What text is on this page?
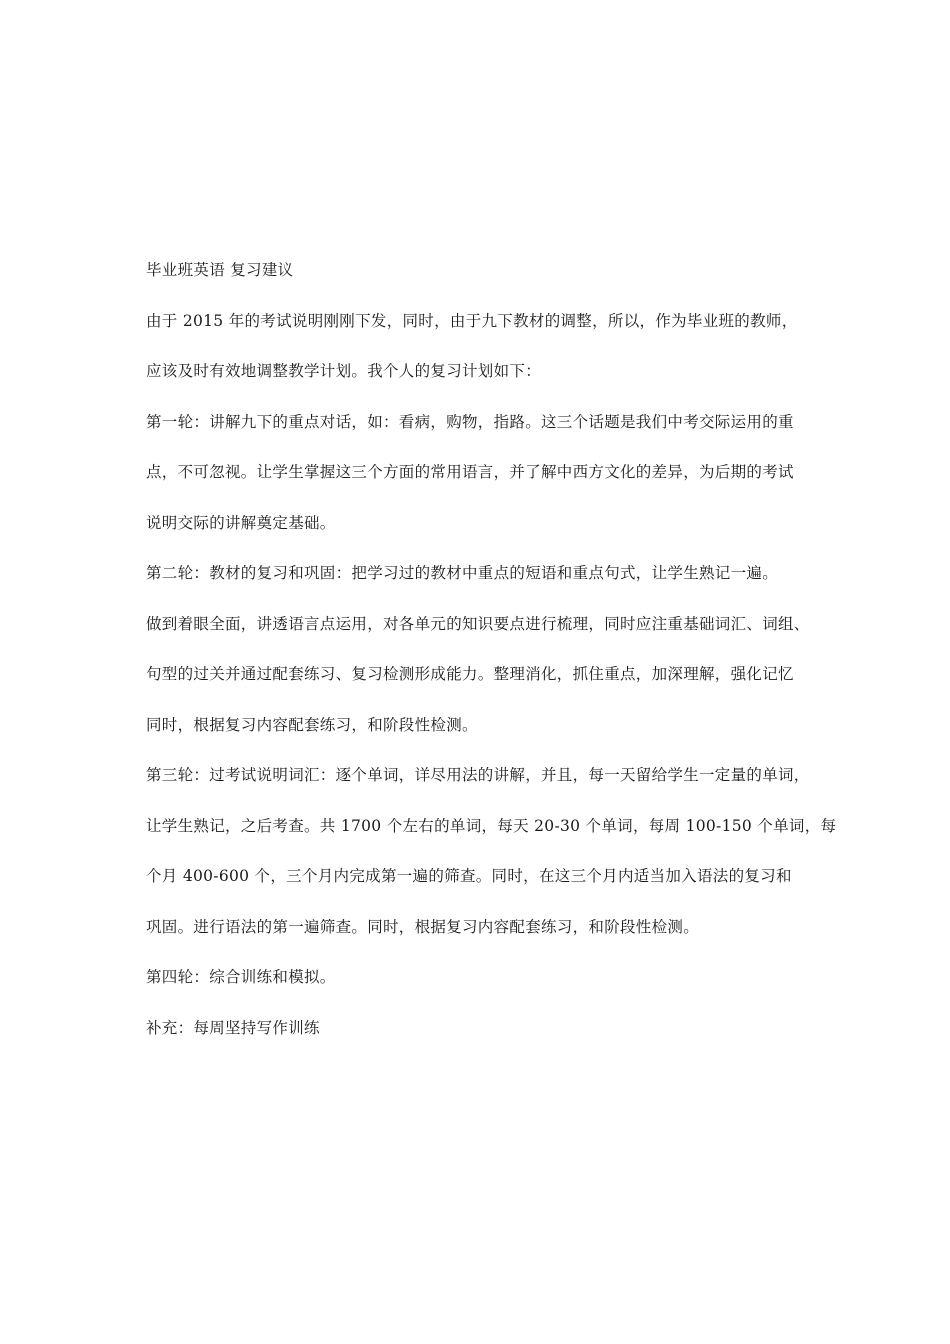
毕业班英语 复习建议

由于 2015 年的考试说明刚刚下发，同时，由于九下教材的调整，所以，作为毕业班的教师，

应该及时有效地调整教学计划。我个人的复习计划如下：

第一轮：讲解九下的重点对话，如：看病，购物，指路。这三个话题是我们中考交际运用的重

点，不可忽视。让学生掌握这三个方面的常用语言，并了解中西方文化的差异，为后期的考试

说明交际的讲解奠定基础。

第二轮：教材的复习和巩固：把学习过的教材中重点的短语和重点句式，让学生熟记一遍。

做到着眼全面，讲透语言点运用，对各单元的知识要点进行梳理，同时应注重基础词汇、词组、

句型的过关并通过配套练习、复习检测形成能力。整理消化，抓住重点，加深理解，强化记忆

同时，根据复习内容配套练习，和阶段性检测。

第三轮：过考试说明词汇：逐个单词，详尽用法的讲解，并且，每一天留给学生一定量的单词，

让学生熟记，之后考查。共 1700 个左右的单词，每天 20-30 个单词，每周 100-150 个单词，每

个月 400-600 个，三个月内完成第一遍的筛查。同时，在这三个月内适当加入语法的复习和

巩固。进行语法的第一遍筛查。同时，根据复习内容配套练习，和阶段性检测。

第四轮：综合训练和模拟。

补充：每周坚持写作训练
